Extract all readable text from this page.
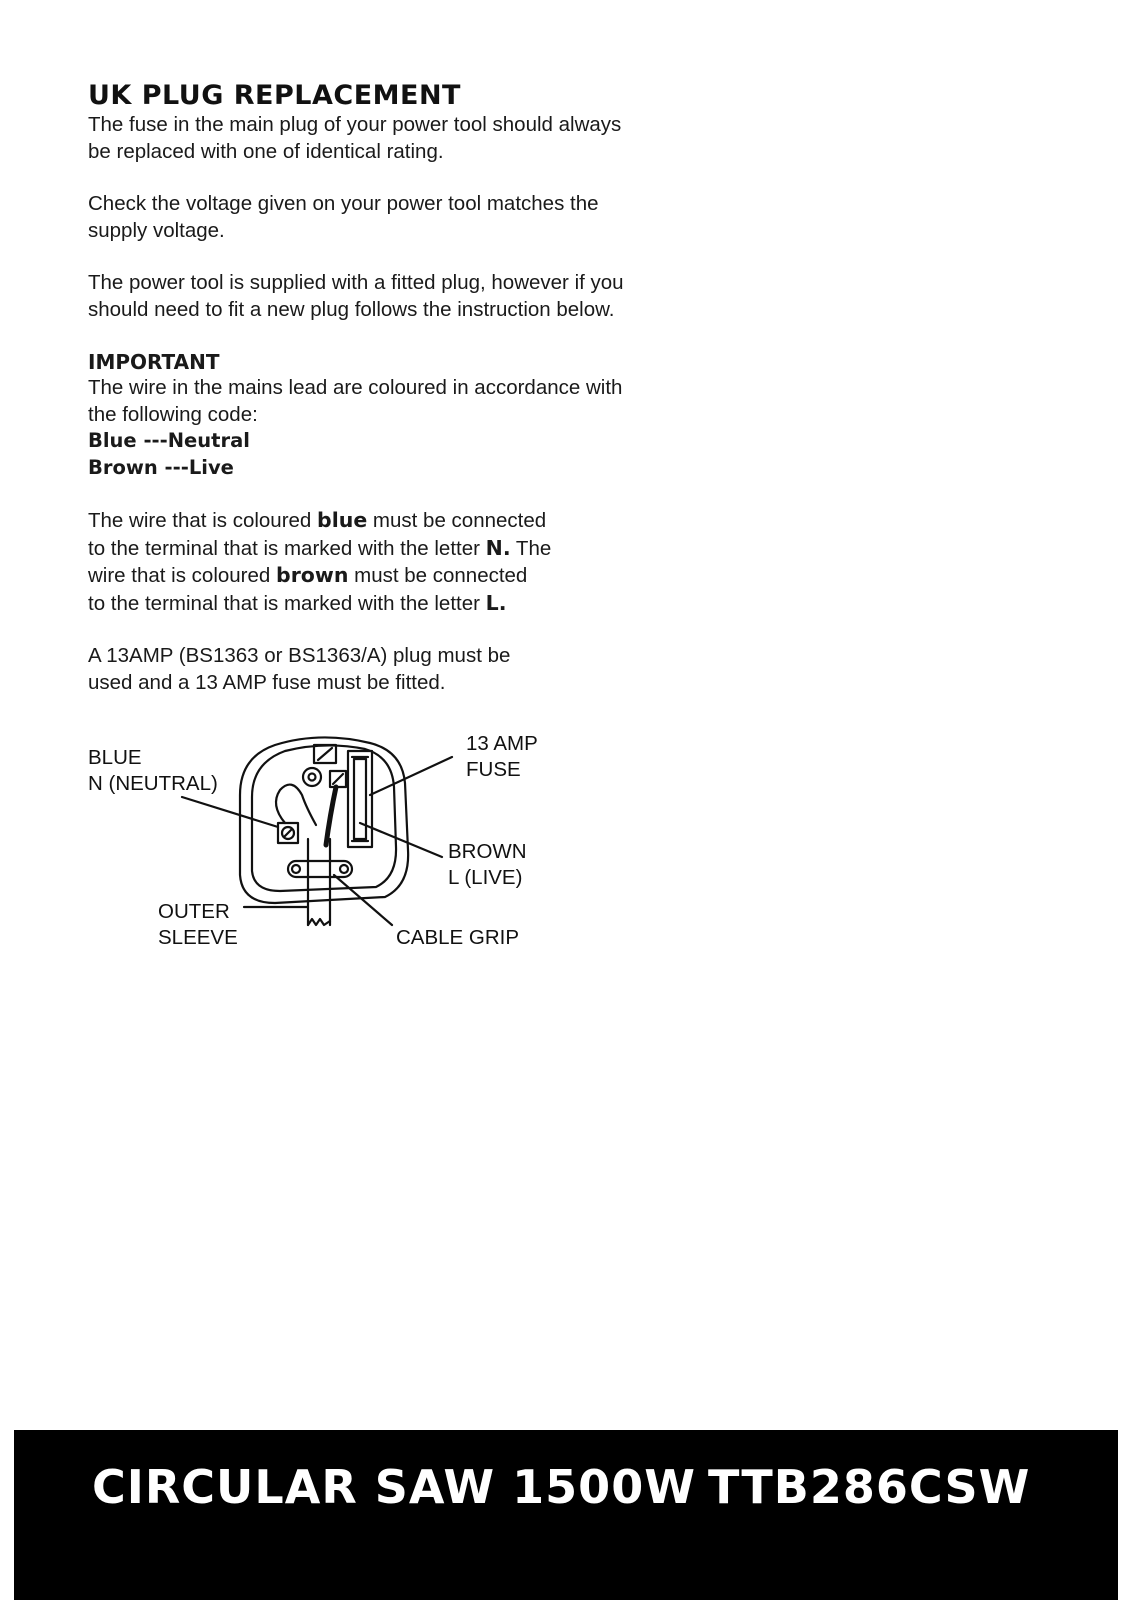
UK PLUG REPLACEMENT

The fuse in the main plug of your power tool should always
be replaced with one of identical rating.

Check the voltage given on your power tool matches the
supply voltage.

The power tool is supplied with a fitted plug, however if you
should need to fit a new plug follows the instruction below.

IMPORTANT

The wire in the mains lead are coloured in accordance with
the following code:

Blue ---Neutral

Brown ---Live

The wire that is coloured blue must be connected
to the terminal that is marked with the letter N. The
wire that is coloured brown must be connected
to the terminal that is marked with the letter L.

A 13AMP (BS1363 or BS1363/A) plug must be
used and a 13 AMP fuse must be fitted.

BLUE
N (NEUTRAL)
13 AMP
FUSE
BROWN
L (LIVE)
OUTER
SLEEVE	CABLE GRIP
CIRCULAR SAW 1500W TTB286CSW
